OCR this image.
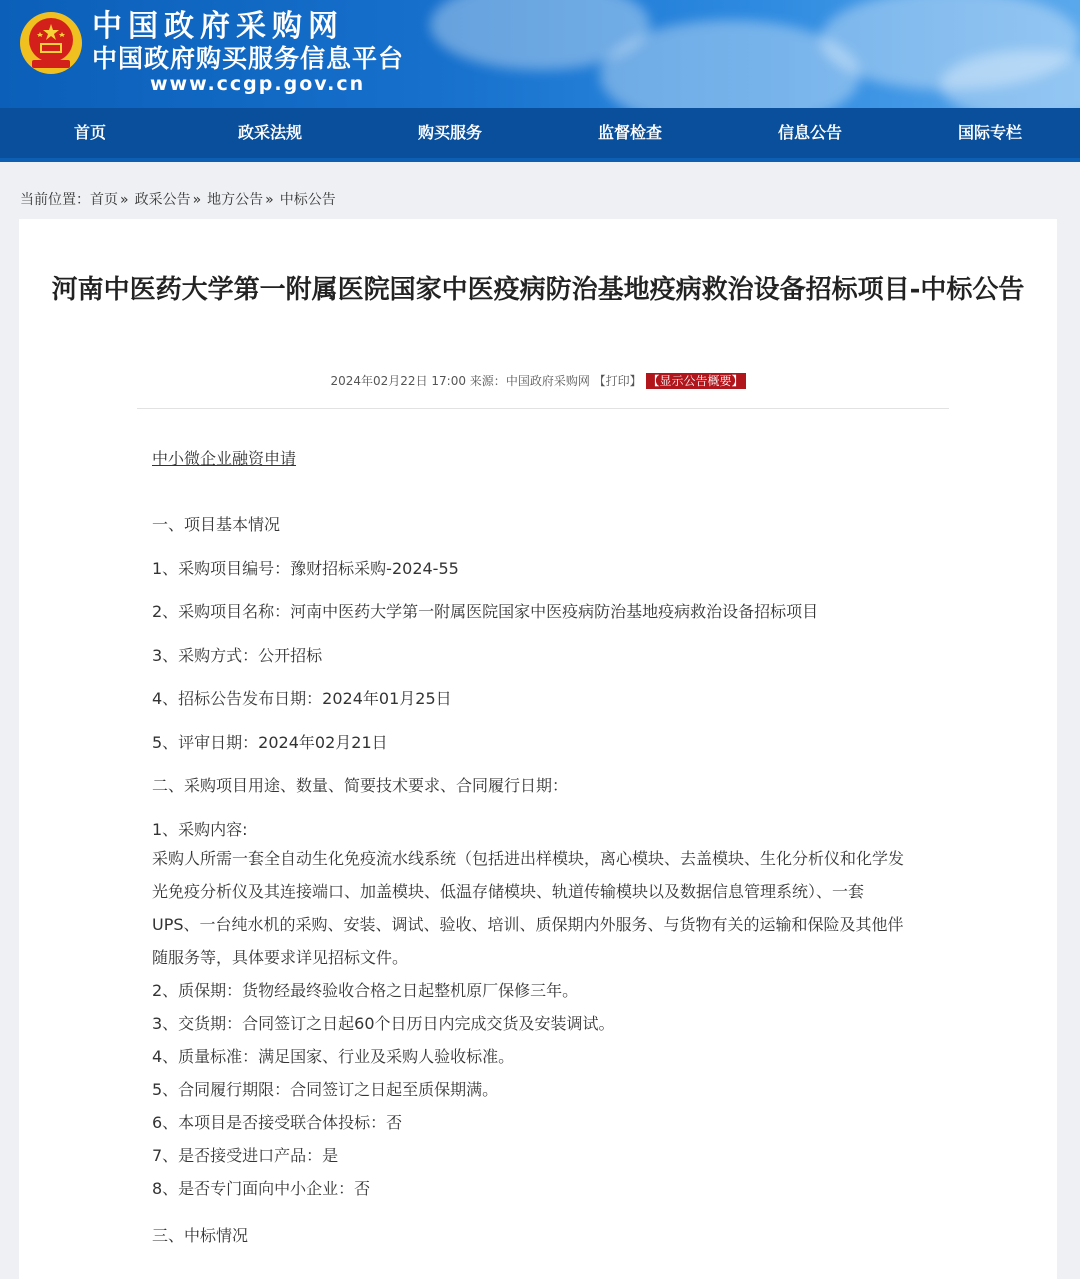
中国政府采购网
中国政府购买服务信息平台
www.ccgp.gov.cn
首页	政采法规	购买服务	监督检查	信息公告	国际专栏
当前位置：首页 » 政采公告 » 地方公告 » 中标公告
河南中医药大学第一附属医院国家中医疫病防治基地疫病救治设备招标项目-中标公告
2024年02月22日 17:00 来源：中国政府采购网 【打印】 【显示公告概要】
中小微企业融资申请

一、项目基本情况

1、采购项目编号：豫财招标采购-2024-55

2、采购项目名称：河南中医药大学第一附属医院国家中医疫病防治基地疫病救治设备招标项目

3、采购方式：公开招标

4、招标公告发布日期：2024年01月25日

5、评审日期：2024年02月21日

二、采购项目用途、数量、简要技术要求、合同履行日期：

1、采购内容:

采购人所需一套全自动生化免疫流水线系统（包括进出样模块，离心模块、去盖模块、生化分析仪和化学发

光免疫分析仪及其连接端口、加盖模块、低温存储模块、轨道传输模块以及数据信息管理系统）、一套

UPS、一台纯水机的采购、安装、调试、验收、培训、质保期内外服务、与货物有关的运输和保险及其他伴

随服务等，具体要求详见招标文件。

2、质保期：货物经最终验收合格之日起整机原厂保修三年。

3、交货期：合同签订之日起60个日历日内完成交货及安装调试。

4、质量标准：满足国家、行业及采购人验收标准。

5、合同履行期限：合同签订之日起至质保期满。

6、本项目是否接受联合体投标：否

7、是否接受进口产品：是

8、是否专门面向中小企业：否

三、中标情况
